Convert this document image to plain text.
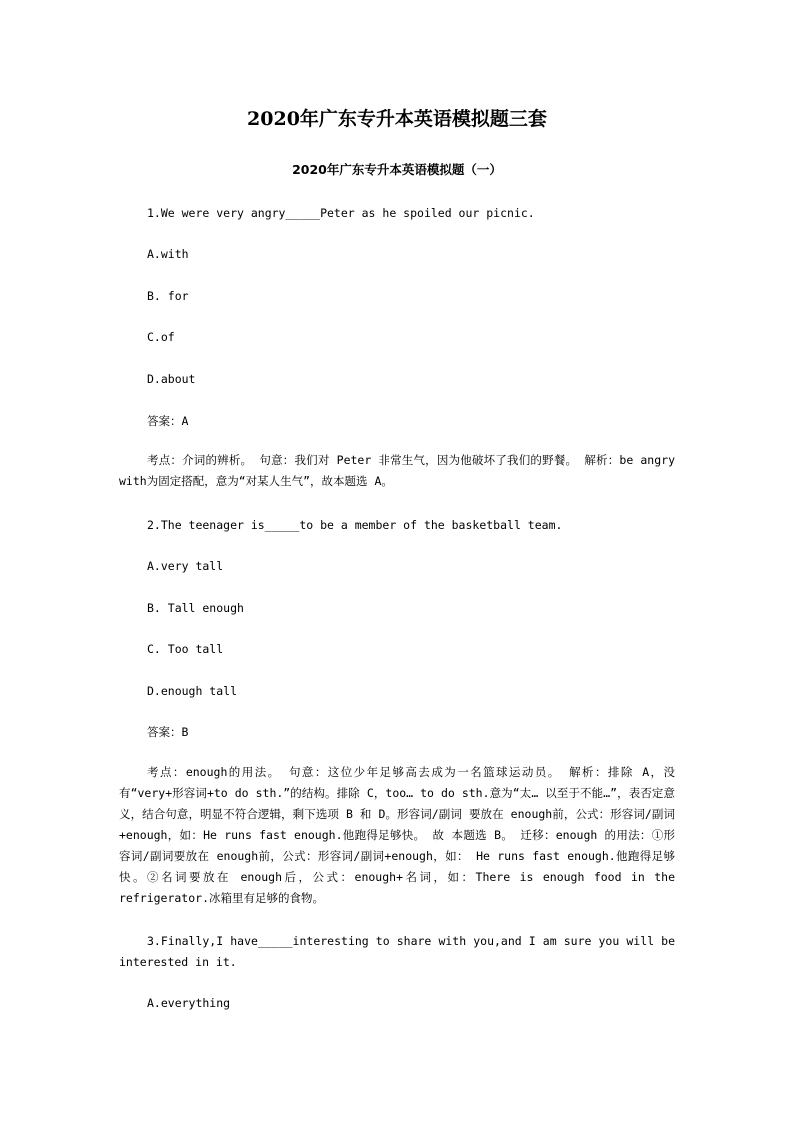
2020年广东专升本英语模拟题三套
2020年广东专升本英语模拟题（一）
1.We were very angry_____Peter as he spoiled our picnic.
A.with
B. for
C.of
D.about
答案：A
考点：介词的辨析。 句意：我们对 Peter 非常生气，因为他破坏了我们的野餐。 解析：be angry with为固定搭配，意为“对某人生气”，故本题选 A。
2.The teenager is_____to be a member of the basketball team.
A.very tall
B. Tall enough
C. Too tall
D.enough tall
答案：B
考点：enough的用法。 句意：这位少年足够高去成为一名篮球运动员。 解析：排除 A，没有“very+形容词+to do sth.”的结构。排除 C，too… to do sth.意为“太… 以至于不能…”，表否定意义，结合句意，明显不符合逻辑，剩下选项 B 和 D。形容词/副词 要放在 enough前，公式：形容词/副词+enough，如：He runs fast enough.他跑得足够快。 故 本题选 B。 迁移：enough 的用法：①形容词/副词要放在 enough前，公式：形容词/副词+enough，如： He runs fast enough.他跑得足够快。②名词要放在 enough后，公式：enough+名词，如：There is enough food in the refrigerator.冰箱里有足够的食物。
3.Finally,I have_____interesting to share with you,and I am sure you will be interested in it.
A.everything
